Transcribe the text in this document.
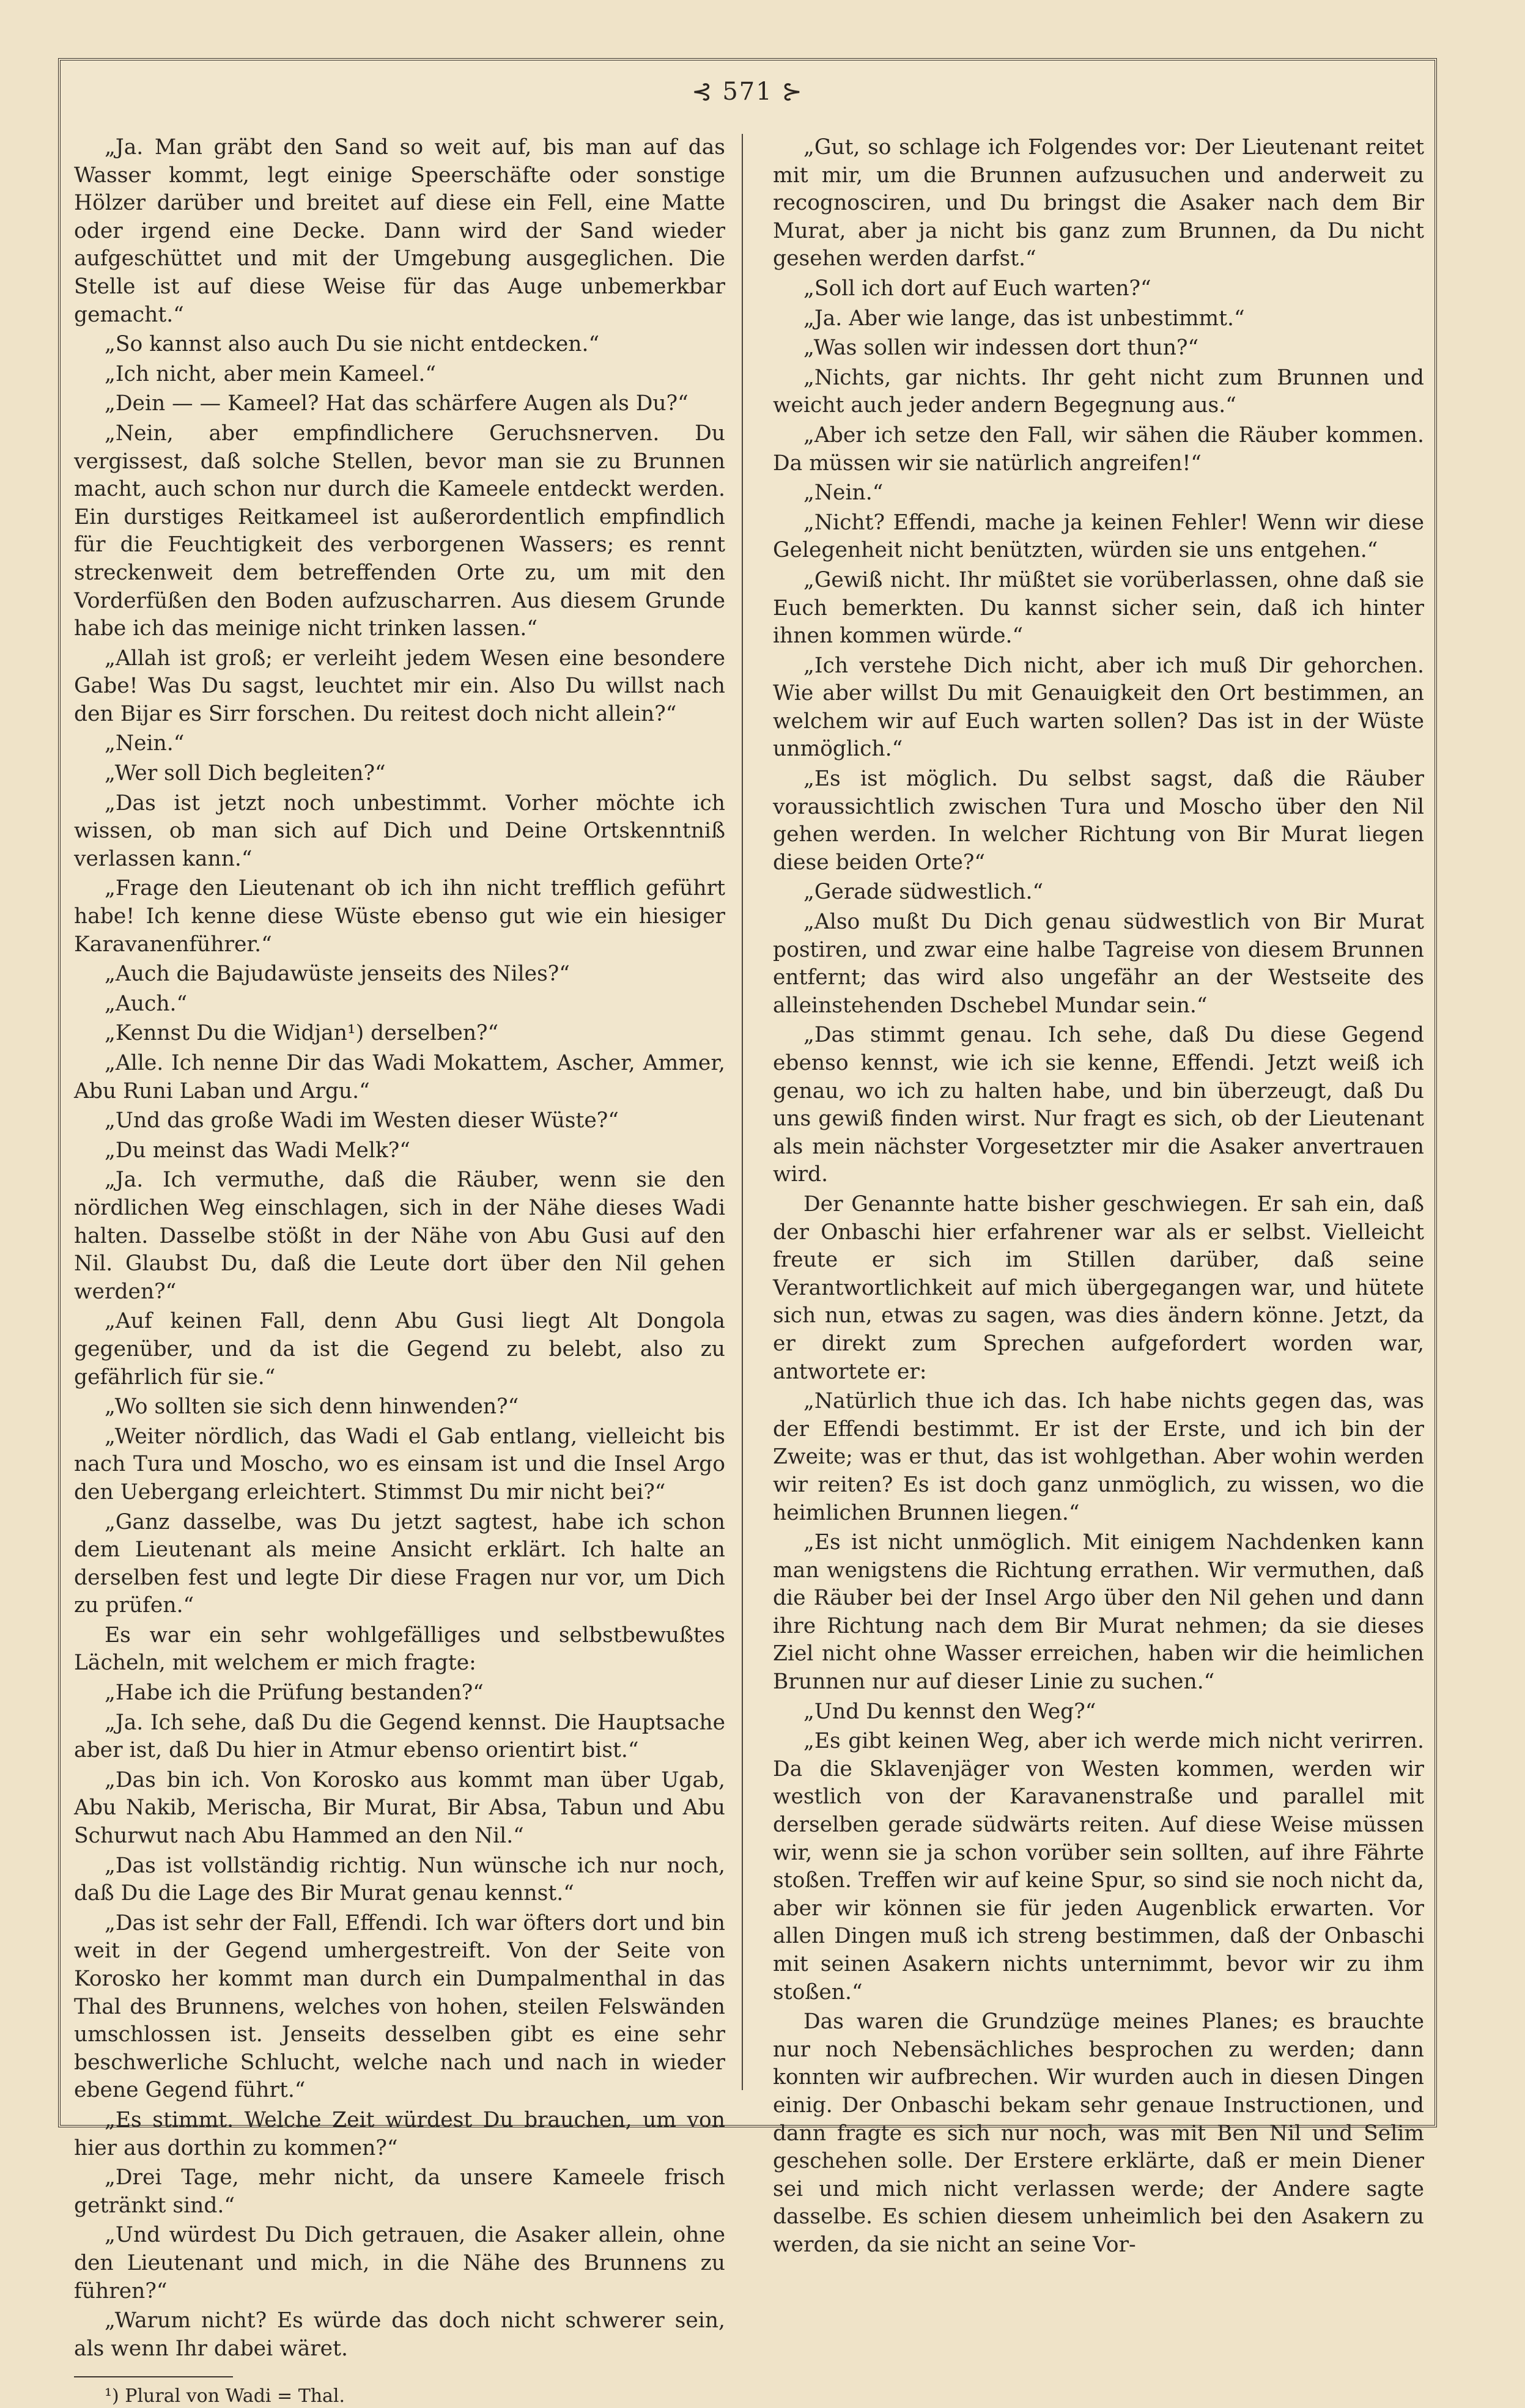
⊰ 571 ⊱

„Ja. Man gräbt den Sand so weit auf, bis man auf das Wasser kommt, legt einige Speerschäfte oder sonstige Hölzer darüber und breitet auf diese ein Fell, eine Matte oder irgend eine Decke. Dann wird der Sand wieder aufgeschüttet und mit der Umgebung ausgeglichen. Die Stelle ist auf diese Weise für das Auge unbemerkbar gemacht.“

„So kannst also auch Du sie nicht entdecken.“

„Ich nicht, aber mein Kameel.“

„Dein — — Kameel? Hat das schärfere Augen als Du?“

„Nein, aber empfindlichere Geruchsnerven. Du vergissest, daß solche Stellen, bevor man sie zu Brunnen macht, auch schon nur durch die Kameele entdeckt werden. Ein durstiges Reitkameel ist außerordentlich empfindlich für die Feuchtigkeit des verborgenen Wassers; es rennt streckenweit dem betreffenden Orte zu, um mit den Vorderfüßen den Boden aufzuscharren. Aus diesem Grunde habe ich das meinige nicht trinken lassen.“

„Allah ist groß; er verleiht jedem Wesen eine besondere Gabe! Was Du sagst, leuchtet mir ein. Also Du willst nach den Bijar es Sirr forschen. Du reitest doch nicht allein?“

„Nein.“

„Wer soll Dich begleiten?“

„Das ist jetzt noch unbestimmt. Vorher möchte ich wissen, ob man sich auf Dich und Deine Ortskenntniß verlassen kann.“

„Frage den Lieutenant ob ich ihn nicht trefflich geführt habe! Ich kenne diese Wüste ebenso gut wie ein hiesiger Karavanenführer.“

„Auch die Bajudawüste jenseits des Niles?“

„Auch.“

„Kennst Du die Widjan¹) derselben?“

„Alle. Ich nenne Dir das Wadi Mokattem, Ascher, Ammer, Abu Runi Laban und Argu.“

„Und das große Wadi im Westen dieser Wüste?“

„Du meinst das Wadi Melk?“

„Ja. Ich vermuthe, daß die Räuber, wenn sie den nördlichen Weg einschlagen, sich in der Nähe dieses Wadi halten. Dasselbe stößt in der Nähe von Abu Gusi auf den Nil. Glaubst Du, daß die Leute dort über den Nil gehen werden?“

„Auf keinen Fall, denn Abu Gusi liegt Alt Dongola gegenüber, und da ist die Gegend zu belebt, also zu gefährlich für sie.“

„Wo sollten sie sich denn hinwenden?“

„Weiter nördlich, das Wadi el Gab entlang, vielleicht bis nach Tura und Moscho, wo es einsam ist und die Insel Argo den Uebergang erleichtert. Stimmst Du mir nicht bei?“

„Ganz dasselbe, was Du jetzt sagtest, habe ich schon dem Lieutenant als meine Ansicht erklärt. Ich halte an derselben fest und legte Dir diese Fragen nur vor, um Dich zu prüfen.“

Es war ein sehr wohlgefälliges und selbstbewußtes Lächeln, mit welchem er mich fragte:

„Habe ich die Prüfung bestanden?“

„Ja. Ich sehe, daß Du die Gegend kennst. Die Hauptsache aber ist, daß Du hier in Atmur ebenso orientirt bist.“

„Das bin ich. Von Korosko aus kommt man über Ugab, Abu Nakib, Merischa, Bir Murat, Bir Absa, Tabun und Abu Schurwut nach Abu Hammed an den Nil.“

„Das ist vollständig richtig. Nun wünsche ich nur noch, daß Du die Lage des Bir Murat genau kennst.“

„Das ist sehr der Fall, Effendi. Ich war öfters dort und bin weit in der Gegend umhergestreift. Von der Seite von Korosko her kommt man durch ein Dumpalmenthal in das Thal des Brunnens, welches von hohen, steilen Felswänden umschlossen ist. Jenseits desselben gibt es eine sehr beschwerliche Schlucht, welche nach und nach in wieder ebene Gegend führt.“

„Es stimmt. Welche Zeit würdest Du brauchen, um von hier aus dorthin zu kommen?“

„Drei Tage, mehr nicht, da unsere Kameele frisch getränkt sind.“

„Und würdest Du Dich getrauen, die Asaker allein, ohne den Lieutenant und mich, in die Nähe des Brunnens zu führen?“

„Warum nicht? Es würde das doch nicht schwerer sein, als wenn Ihr dabei wäret.

¹) Plural von Wadi = Thal.

„Gut, so schlage ich Folgendes vor: Der Lieutenant reitet mit mir, um die Brunnen aufzusuchen und anderweit zu recognosciren, und Du bringst die Asaker nach dem Bir Murat, aber ja nicht bis ganz zum Brunnen, da Du nicht gesehen werden darfst.“

„Soll ich dort auf Euch warten?“

„Ja. Aber wie lange, das ist unbestimmt.“

„Was sollen wir indessen dort thun?“

„Nichts, gar nichts. Ihr geht nicht zum Brunnen und weicht auch jeder andern Begegnung aus.“

„Aber ich setze den Fall, wir sähen die Räuber kommen. Da müssen wir sie natürlich angreifen!“

„Nein.“

„Nicht? Effendi, mache ja keinen Fehler! Wenn wir diese Gelegenheit nicht benützten, würden sie uns entgehen.“

„Gewiß nicht. Ihr müßtet sie vorüberlassen, ohne daß sie Euch bemerkten. Du kannst sicher sein, daß ich hinter ihnen kommen würde.“

„Ich verstehe Dich nicht, aber ich muß Dir gehorchen. Wie aber willst Du mit Genauigkeit den Ort bestimmen, an welchem wir auf Euch warten sollen? Das ist in der Wüste unmöglich.“

„Es ist möglich. Du selbst sagst, daß die Räuber voraussichtlich zwischen Tura und Moscho über den Nil gehen werden. In welcher Richtung von Bir Murat liegen diese beiden Orte?“

„Gerade südwestlich.“

„Also mußt Du Dich genau südwestlich von Bir Murat postiren, und zwar eine halbe Tagreise von diesem Brunnen entfernt; das wird also ungefähr an der Westseite des alleinstehenden Dschebel Mundar sein.“

„Das stimmt genau. Ich sehe, daß Du diese Gegend ebenso kennst, wie ich sie kenne, Effendi. Jetzt weiß ich genau, wo ich zu halten habe, und bin überzeugt, daß Du uns gewiß finden wirst. Nur fragt es sich, ob der Lieutenant als mein nächster Vorgesetzter mir die Asaker anvertrauen wird.

Der Genannte hatte bisher geschwiegen. Er sah ein, daß der Onbaschi hier erfahrener war als er selbst. Vielleicht freute er sich im Stillen darüber, daß seine Verantwortlichkeit auf mich übergegangen war, und hütete sich nun, etwas zu sagen, was dies ändern könne. Jetzt, da er direkt zum Sprechen aufgefordert worden war, antwortete er:

„Natürlich thue ich das. Ich habe nichts gegen das, was der Effendi bestimmt. Er ist der Erste, und ich bin der Zweite; was er thut, das ist wohlgethan. Aber wohin werden wir reiten? Es ist doch ganz unmöglich, zu wissen, wo die heimlichen Brunnen liegen.“

„Es ist nicht unmöglich. Mit einigem Nachdenken kann man wenigstens die Richtung errathen. Wir vermuthen, daß die Räuber bei der Insel Argo über den Nil gehen und dann ihre Richtung nach dem Bir Murat nehmen; da sie dieses Ziel nicht ohne Wasser erreichen, haben wir die heimlichen Brunnen nur auf dieser Linie zu suchen.“

„Und Du kennst den Weg?“

„Es gibt keinen Weg, aber ich werde mich nicht verirren. Da die Sklavenjäger von Westen kommen, werden wir westlich von der Karavanenstraße und parallel mit derselben gerade südwärts reiten. Auf diese Weise müssen wir, wenn sie ja schon vorüber sein sollten, auf ihre Fährte stoßen. Treffen wir auf keine Spur, so sind sie noch nicht da, aber wir können sie für jeden Augenblick erwarten. Vor allen Dingen muß ich streng bestimmen, daß der Onbaschi mit seinen Asakern nichts unternimmt, bevor wir zu ihm stoßen.“

Das waren die Grundzüge meines Planes; es brauchte nur noch Nebensächliches besprochen zu werden; dann konnten wir aufbrechen. Wir wurden auch in diesen Dingen einig. Der Onbaschi bekam sehr genaue Instructionen, und dann fragte es sich nur noch, was mit Ben Nil und Selim geschehen solle. Der Erstere erklärte, daß er mein Diener sei und mich nicht verlassen werde; der Andere sagte dasselbe. Es schien diesem unheimlich bei den Asakern zu werden, da sie nicht an seine Vor-
